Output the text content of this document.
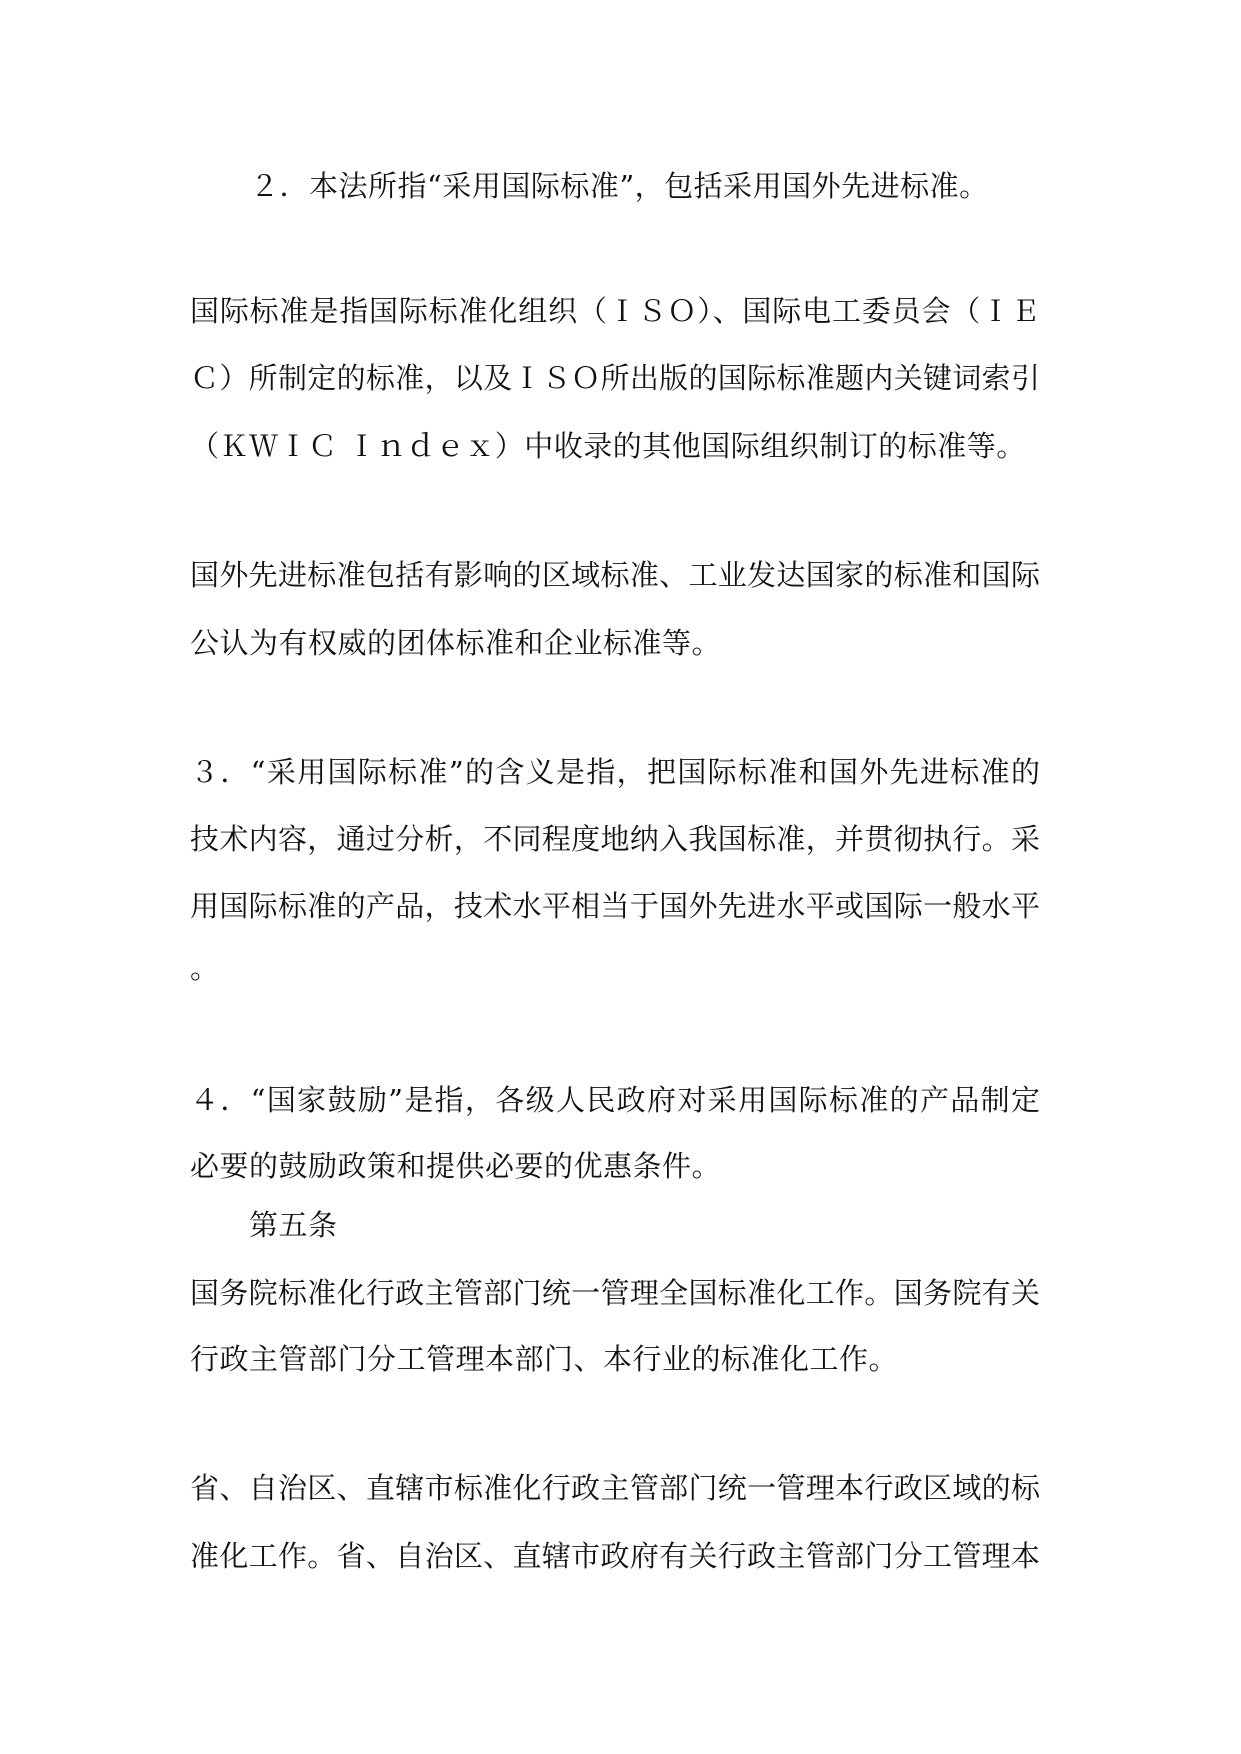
２．本法所指“采用国际标准”，包括采用国外先进标准。
国际标准是指国际标准化组织（ＩＳＯ）、国际电工委员会（ＩＥ
Ｃ）所制定的标准，以及ＩＳＯ所出版的国际标准题内关键词索引
（ＫＷＩＣ Ｉｎｄｅｘ）中收录的其他国际组织制订的标准等。
国外先进标准包括有影响的区域标准、工业发达国家的标准和国际
公认为有权威的团体标准和企业标准等。
３．“采用国际标准”的含义是指，把国际标准和国外先进标准的
技术内容，通过分析，不同程度地纳入我国标准，并贯彻执行。采
用国际标准的产品，技术水平相当于国外先进水平或国际一般水平
。
４．“国家鼓励”是指，各级人民政府对采用国际标准的产品制定
必要的鼓励政策和提供必要的优惠条件。
第五条
国务院标准化行政主管部门统一管理全国标准化工作。国务院有关
行政主管部门分工管理本部门、本行业的标准化工作。
省、自治区、直辖市标准化行政主管部门统一管理本行政区域的标
准化工作。省、自治区、直辖市政府有关行政主管部门分工管理本
